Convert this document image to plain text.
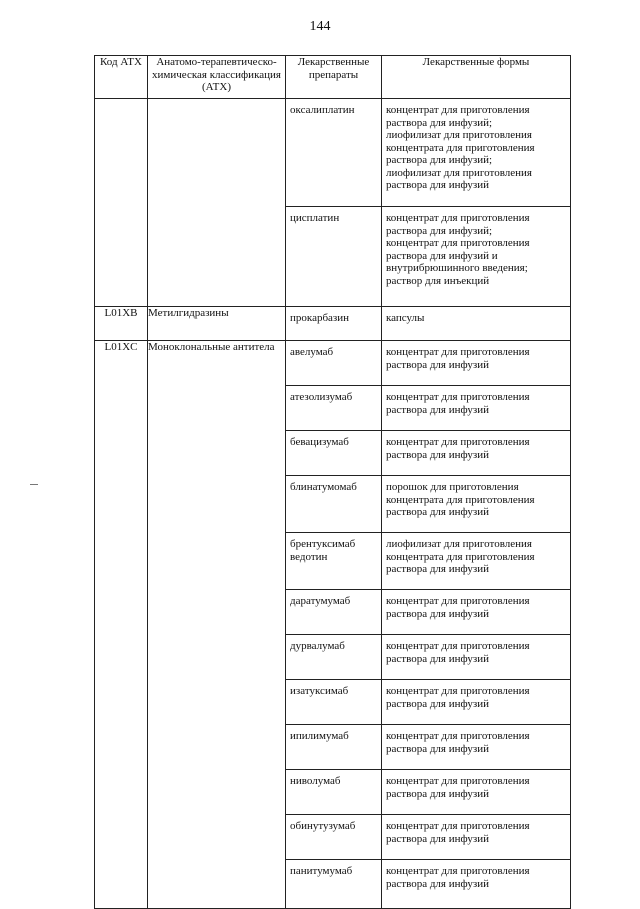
144
Код АТХ	Анатомо-терапевтическо-химическая классификация (АТХ)	Лекарственные препараты	Лекарственные формы
		оксалиплатин	концентрат для приготовления раствора для инфузий;
лиофилизат для приготовления концентрата для приготовления раствора для инфузий;
лиофилизат для приготовления раствора для инфузий
		цисплатин	концентрат для приготовления раствора для инфузий;
концентрат для приготовления раствора для инфузий и внутрибрюшинного введения;
раствор для инъекций
L01XB	Метилгидразины	прокарбазин	капсулы
L01XC	Моноклональные антитела	авелумаб	концентрат для приготовления раствора для инфузий
		атезолизумаб	концентрат для приготовления раствора для инфузий
		бевацизумаб	концентрат для приготовления раствора для инфузий
		блинатумомаб	порошок для приготовления концентрата для приготовления раствора для инфузий
		брентуксимаб ведотин	лиофилизат для приготовления концентрата для приготовления раствора для инфузий
		даратумумаб	концентрат для приготовления раствора для инфузий
		дурвалумаб	концентрат для приготовления раствора для инфузий
		изатуксимаб	концентрат для приготовления раствора для инфузий
		ипилимумаб	концентрат для приготовления раствора для инфузий
		ниволумаб	концентрат для приготовления раствора для инфузий
		обинутузумаб	концентрат для приготовления раствора для инфузий
		панитумумаб	концентрат для приготовления раствора для инфузий
